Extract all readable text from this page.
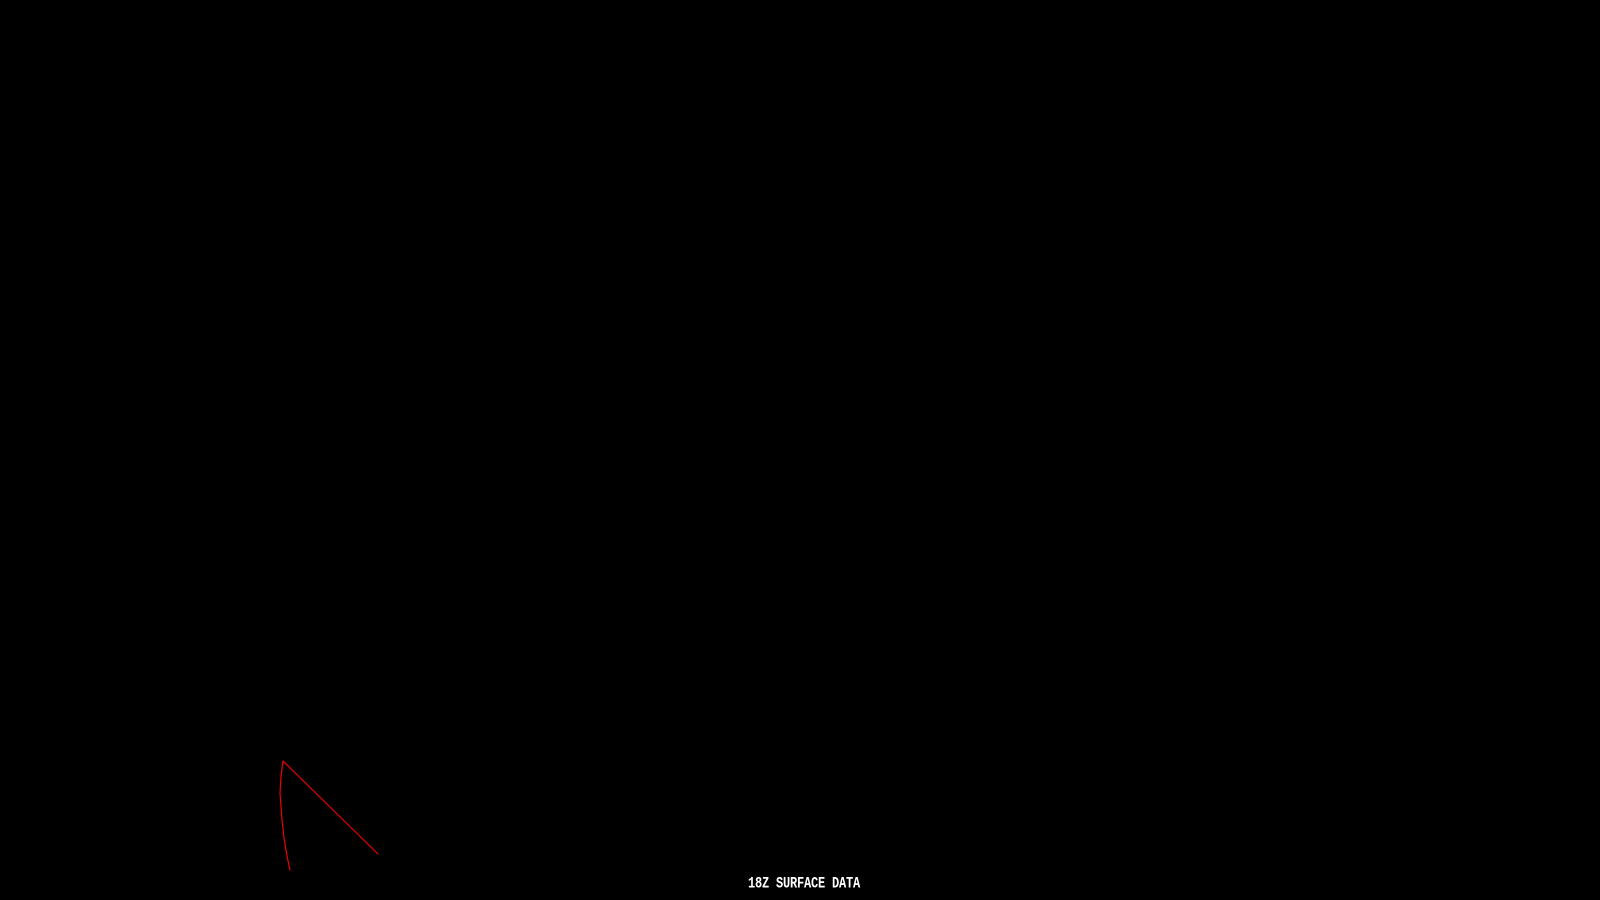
18Z SURFACE DATA
